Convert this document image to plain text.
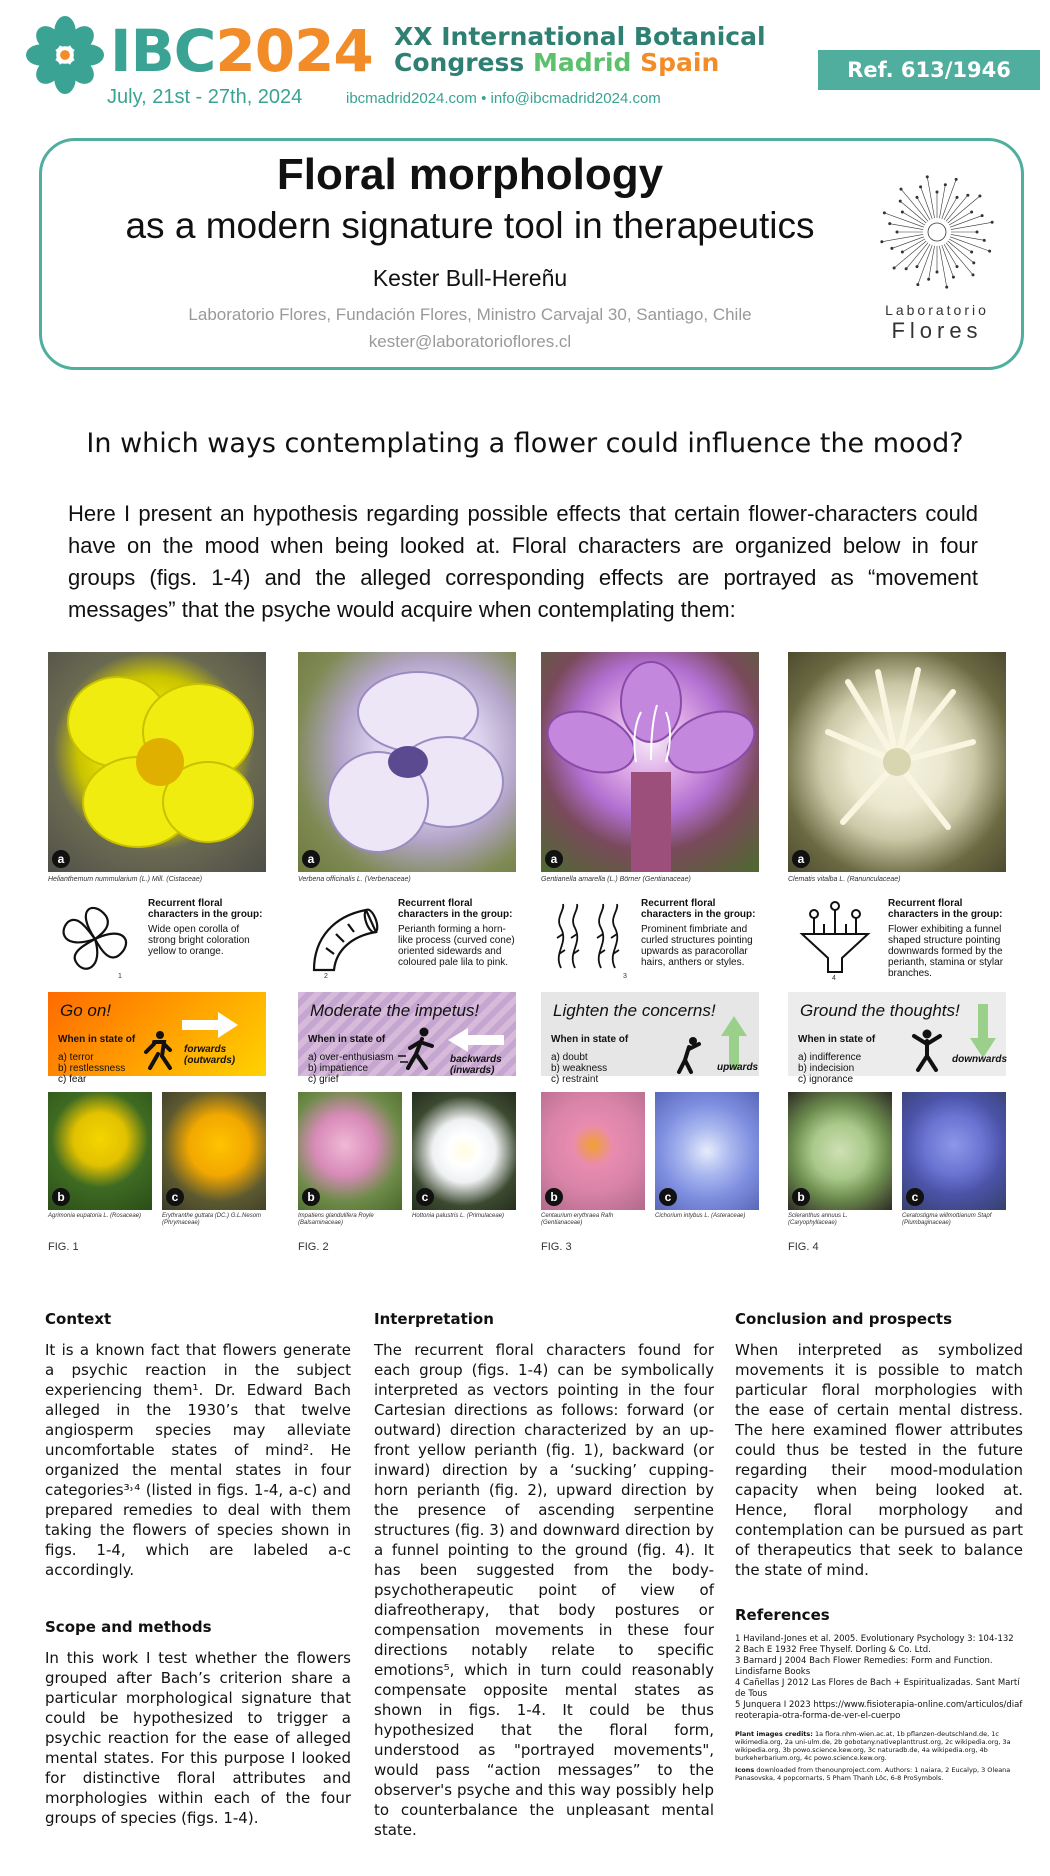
IBC2024 XX International Botanical
Congress Madrid Spain
July, 21st - 27th, 2024	ibcmadrid2024.com • info@ibcmadrid2024.com
Ref. 613/1946
Floral morphology
as a modern signature tool in therapeutics
Kester Bull-Hereñu
Laboratorio Flores, Fundación Flores, Ministro Carvajal 30, Santiago, Chile
kester@laboratorioflores.cl
Laboratorio
Flores
In which ways contemplating a flower could influence the mood?
Here I present an hypothesis regarding possible effects that certain flower-characters could have on the mood when being looked at. Floral characters are organized below in four groups (figs. 1-4) and the alleged corresponding effects are portrayed as “movement messages” that the psyche would acquire when contemplating them:
a
Helianthemum nummularium (L.) Mill. (Cistaceae)
1
Recurrent floral characters in the group:
Wide open corolla of strong bright coloration yellow to orange.
Go on!
When in state of
a) terror
b) restlessness
c) fear
forwards (outwards)
b
Agrimonia eupatoria L. (Rosaceae)
c
Erythranthe guttata (DC.) G.L.Nesom (Phrymaceae)
FIG. 1
a
Verbena officinalis L. (Verbenaceae)
2
Recurrent floral characters in the group:
Perianth forming a horn-like process (curved cone) oriented sidewards and coloured pale lila to pink.
Moderate the impetus!
When in state of
a) over-enthusiasm
b) impatience
c) grief
backwards (inwards)
b
Impatiens glandulifera Royle (Balsaminaceae)
c
Hottonia palustris L. (Primulaceae)
FIG. 2
a
Gentianella amarella (L.) Börner (Gentianaceae)
3
Recurrent floral characters in the group:
Prominent fimbriate and curled structures pointing upwards as paracorollar hairs, anthers or styles.
Lighten the concerns!
When in state of
a) doubt
b) weakness
c) restraint
upwards
b
Centaurium erythraea Rafn (Gentianaceae)
c
Cichorium intybus L. (Asteraceae)
FIG. 3
a
Clematis vitalba L. (Ranunculaceae)
4
Recurrent floral characters in the group:
Flower exhibiting a funnel shaped structure pointing downwards formed by the perianth, stamina or stylar branches.
Ground the thoughts!
When in state of
a) indifference
b) indecision
c) ignorance
downwards
b
Scleranthus annuus L. (Caryophyllaceae)
c
Ceratostigma willmottianum Stapf (Plumbaginaceae)
FIG. 4
Context
It is a known fact that flowers generate a psychic reaction in the subject experiencing them¹. Dr. Edward Bach alleged in the 1930’s that twelve angiosperm species may alleviate uncomfortable states of mind². He organized the mental states in four categories³˒⁴ (listed in figs. 1-4, a-c) and prepared remedies to deal with them taking the flowers of species shown in figs. 1-4, which are labeled a-c accordingly.
Scope and methods
In this work I test whether the flowers grouped after Bach’s criterion share a particular morphological signature that could be hypothesized to trigger a psychic reaction for the ease of alleged mental states. For this purpose I looked for distinctive floral attributes and morphologies within each of the four groups of species (figs. 1-4).
Interpretation
The recurrent floral characters found for each group (figs. 1-4) can be symbolically interpreted as vectors pointing in the four Cartesian directions as follows: forward (or outward) direction characterized by an up-front yellow perianth (fig. 1), backward (or inward) direction by a ‘sucking’ cupping-horn perianth (fig. 2), upward direction by the presence of ascending serpentine structures (fig. 3) and downward direction by a funnel pointing to the ground (fig. 4). It has been suggested from the body-psychotherapeutic point of view of diafreotherapy, that body postures or compensation movements in these four directions notably relate to specific emotions⁵, which in turn could reasonably compensate opposite mental states as shown in figs. 1-4. It could be thus hypothesized that the floral form, understood as "portrayed movements", would pass “action messages” to the observer's psyche and this way possibly help to counterbalance the unpleasant mental state.
Conclusion and prospects
When interpreted as symbolized movements it is possible to match particular floral morphologies with the ease of certain mental distress. The here examined flower attributes could thus be tested in the future regarding their mood-modulation capacity when being looked at. Hence, floral morphology and contemplation can be pursued as part of therapeutics that seek to balance the state of mind.
References
1 Haviland-Jones et al. 2005. Evolutionary Psychology 3: 104-132
2 Bach E 1932 Free Thyself. Dorling & Co. Ltd.
3 Barnard J 2004 Bach Flower Remedies: Form and Function. Lindisfarne Books
4 Cañellas J 2012 Las Flores de Bach + Espiritualizadas. Sant Martí de Tous
5 Junquera I 2023 https://www.fisioterapia-online.com/articulos/diafreoterapia-otra-forma-de-ver-el-cuerpo
Plant images credits: 1a flora.nhm-wien.ac.at, 1b pflanzen-deutschland.de, 1c wikimedia.org, 2a uni-ulm.de, 2b gobotany.nativeplanttrust.org, 2c wikipedia.org, 3a wikipedia.org, 3b powo.science.kew.org, 3c naturadb.de, 4a wikipedia.org, 4b burkeherbarium.org, 4c powo.science.kew.org.
Icons downloaded from thenounproject.com. Authors: 1 naiara, 2 Eucalyp, 3 Oleana Panasovska, 4 popcornarts, 5 Pham Thanh Lôc, 6-8 ProSymbols.
